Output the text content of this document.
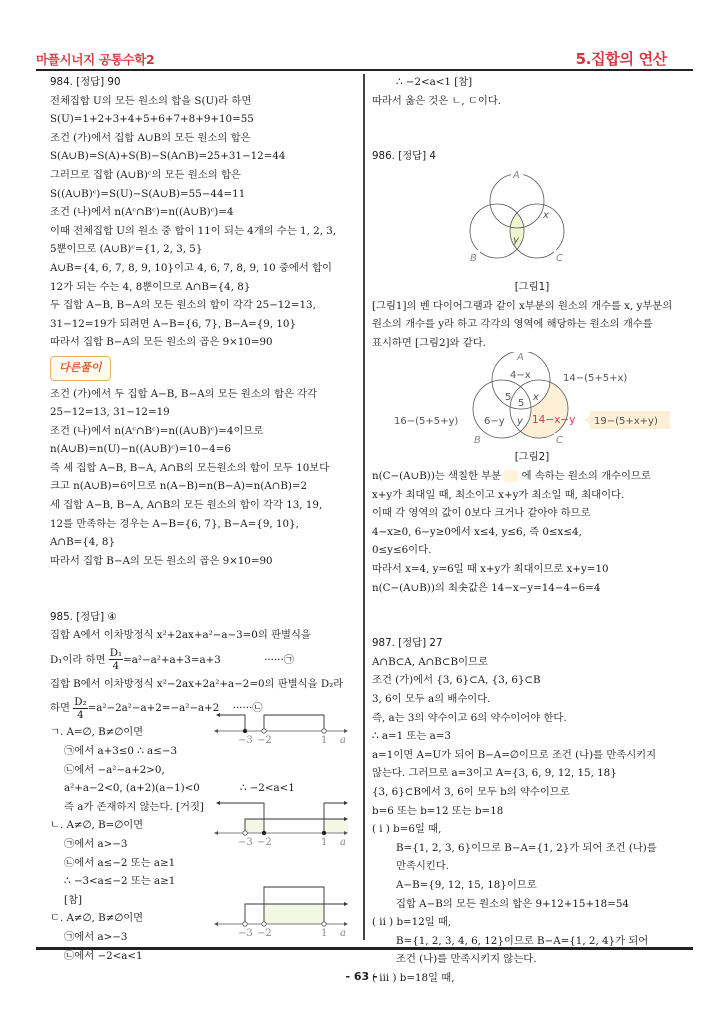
마플시너지 공통수학2	5.집합의 연산
984. [정답] 90
전체집합 U의 모든 원소의 합을 S(U)라 하면
S(U)=1+2+3+4+5+6+7+8+9+10=55
조건 (가)에서 집합 A∪B의 모든 원소의 합은
S(A∪B)=S(A)+S(B)−S(A∩B)=25+31−12=44
그러므로 집합 (A∪B)ᶜ의 모든 원소의 합은
S((A∪B)ᶜ)=S(U)−S(A∪B)=55−44=11
조건 (나)에서 n(Aᶜ∩Bᶜ)=n((A∪B)ᶜ)=4
이때 전체집합 U의 원소 중 합이 11이 되는 4개의 수는 1, 2, 3,
5뿐이므로 (A∪B)ᶜ={1, 2, 3, 5}
A∪B={4, 6, 7, 8, 9, 10}이고 4, 6, 7, 8, 9, 10 중에서 합이
12가 되는 수는 4, 8뿐이므로 A∩B={4, 8}
두 집합 A−B, B−A의 모든 원소의 합이 각각 25−12=13,
31−12=19가 되려면 A−B={6, 7}, B−A={9, 10}
따라서 집합 B−A의 모든 원소의 곱은 9×10=90
다른풀이
조건 (가)에서 두 집합 A−B, B−A의 모든 원소의 합은 각각
25−12=13, 31−12=19
조건 (나)에서 n(Aᶜ∩Bᶜ)=n((A∪B)ᶜ)=4이므로
n(A∪B)=n(U)−n((A∪B)ᶜ)=10−4=6
즉 세 집합 A−B, B−A, A∩B의 모든원소의 합이 모두 10보다
크고 n(A∪B)=6이므로 n(A−B)=n(B−A)=n(A∩B)=2
세 집합 A−B, B−A, A∩B의 모든 원소의 합이 각각 13, 19,
12를 만족하는 경우는 A−B={6, 7}, B−A={9, 10},
A∩B={4, 8}
따라서 집합 B−A의 모든 원소의 곱은 9×10=90
985. [정답] ④
집합 A에서 이차방정식 x²+2ax+a²−a−3=0의 판별식을
D₁이라 하면 $\frac{\text{D₁}}{4} =a^2-a^2+a+3=a+3$	······㉠
집합 B에서 이차방정식 x²−2ax+2a²+a−2=0의 판별식을 D₂라
하면 $\frac{\text{D₂}}{4} =a^2-2a^2-a+2=-a^2-a+2$ ······㉡
ㄱ. A=∅, B≠∅이면
㉠에서 a+3≤0 ∴ a≤−3
㉡에서 −a²−a+2>0,
a²+a−2<0, (a+2)(a−1)<0	∴ −2<a<1
즉 a가 존재하지 않는다. [거짓]
ㄴ. A≠∅, B=∅이면
㉠에서 a>−3
㉡에서 a≤−2 또는 a≥1
∴ −3<a≤−2 또는 a≥1
[참]
ㄷ. A≠∅, B≠∅이면
㉠에서 a>−3
㉡에서 −2<a<1
−3 −2	1 a
−3 −2	1 a
−3 −2	1 a
∴ −2<a<1 [참]
따라서 옳은 것은 ㄴ, ㄷ이다.
986. [정답] 4
A
B	C
x
y
[그림1]
[그림1]의 벤 다이어그램과 같이 x부분의 원소의 개수를 x, y부분의
원소의 개수를 y라 하고 각각의 영역에 해당하는 원소의 개수를
표시하면 [그림2]와 같다.
A
B	C
4−x
5
5
x
6−y y 14−x−y
14−(5+5+x)
16−(5+5+y)	19−(5+x+y)
[그림2]
n(C−(A∪B))는 색칠한 부분 에 속하는 원소의 개수이므로
x+y가 최대일 때, 최소이고 x+y가 최소일 때, 최대이다.
이때 각 영역의 값이 0보다 크거나 같아야 하므로
4−x≥0, 6−y≥0에서 x≤4, y≤6, 즉 0≤x≤4,
0≤y≤6이다.
따라서 x=4, y=6일 때 x+y가 최대이므로 x+y=10
n(C−(A∪B))의 최솟값은 14−x−y=14−4−6=4
987. [정답] 27
A∩B⊂A, A∩B⊂B이므로
조건 (가)에서 {3, 6}⊂A, {3, 6}⊂B
3, 6이 모두 a의 배수이다.
즉, a는 3의 약수이고 6의 약수이어야 한다.
∴ a=1 또는 a=3
a=1이면 A=U가 되어 B−A=∅이므로 조건 (나)를 만족시키지
않는다. 그러므로 a=3이고 A={3, 6, 9, 12, 15, 18}
{3, 6}⊂B에서 3, 6이 모두 b의 약수이므로
b=6 또는 b=12 또는 b=18
( i ) b=6일 때,
B={1, 2, 3, 6}이므로 B−A={1, 2}가 되어 조건 (나)를
만족시킨다.
A−B={9, 12, 15, 18}이므로
집합 A−B의 모든 원소의 합은 9+12+15+18=54
( ii ) b=12일 때,
B={1, 2, 3, 4, 6, 12}이므로 B−A={1, 2, 4}가 되어
조건 (나)를 만족시키지 않는다.
( iii ) b=18일 때,
- 63 -
